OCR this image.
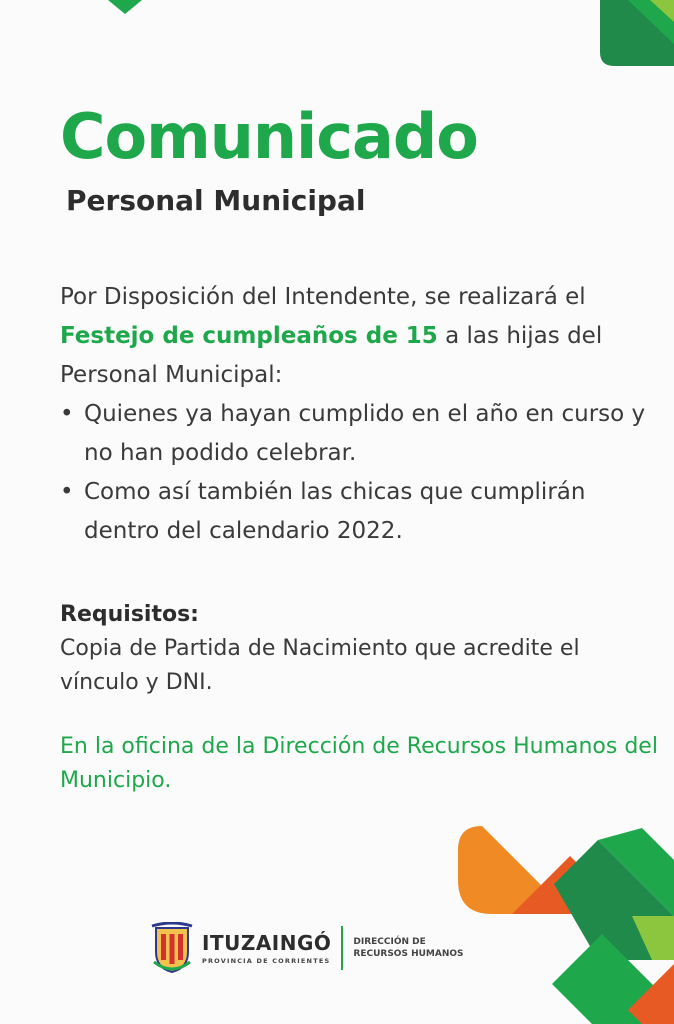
Comunicado
Personal Municipal

Por Disposición del Intendente, se realizará el Festejo de cumpleaños de 15 a las hijas del Personal Municipal:

• Quienes ya hayan cumplido en el año en curso y no han podido celebrar.
• Como así también las chicas que cumplirán dentro del calendario 2022.
Requisitos:
Copia de Partida de Nacimiento que acredite el vínculo y DNI.
En la oficina de la Dirección de Recursos Humanos del Municipio.
ITUZAINGÓ
PROVINCIA DE CORRIENTES
DIRECCIÓN DE
RECURSOS HUMANOS
